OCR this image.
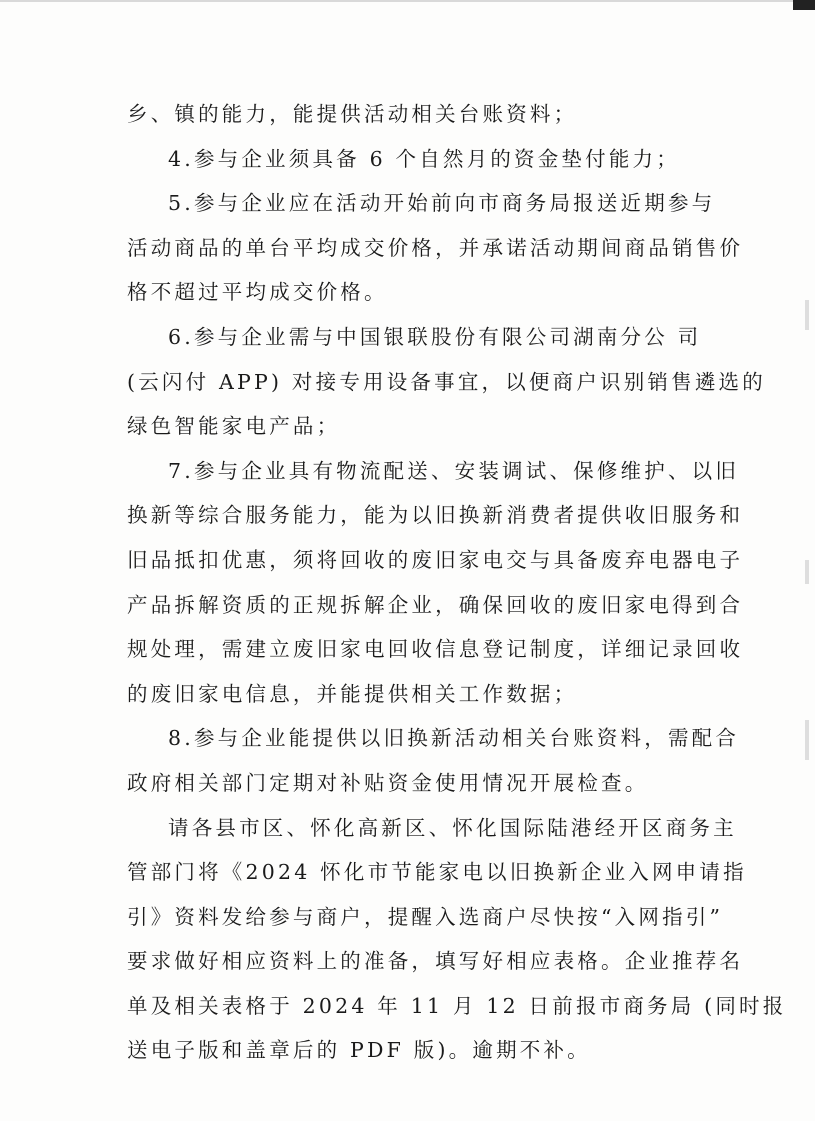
乡、镇的能力，能提供活动相关台账资料；
4.参与企业须具备 6 个自然月的资金垫付能力；
5.参与企业应在活动开始前向市商务局报送近期参与
活动商品的单台平均成交价格，并承诺活动期间商品销售价
格不超过平均成交价格。
6.参与企业需与中国银联股份有限公司湖南分公 司
(云闪付 APP) 对接专用设备事宜，以便商户识别销售遴选的
绿色智能家电产品；
7.参与企业具有物流配送、安装调试、保修维护、以旧
换新等综合服务能力，能为以旧换新消费者提供收旧服务和
旧品抵扣优惠，须将回收的废旧家电交与具备废弃电器电子
产品拆解资质的正规拆解企业，确保回收的废旧家电得到合
规处理，需建立废旧家电回收信息登记制度，详细记录回收
的废旧家电信息，并能提供相关工作数据；
8.参与企业能提供以旧换新活动相关台账资料，需配合
政府相关部门定期对补贴资金使用情况开展检查。
请各县市区、怀化高新区、怀化国际陆港经开区商务主
管部门将《2024 怀化市节能家电以旧换新企业入网申请指
引》资料发给参与商户，提醒入选商户尽快按“入网指引”
要求做好相应资料上的准备，填写好相应表格。企业推荐名
单及相关表格于 2024 年 11 月 12 日前报市商务局 (同时报
送电子版和盖章后的 PDF 版)。逾期不补。
